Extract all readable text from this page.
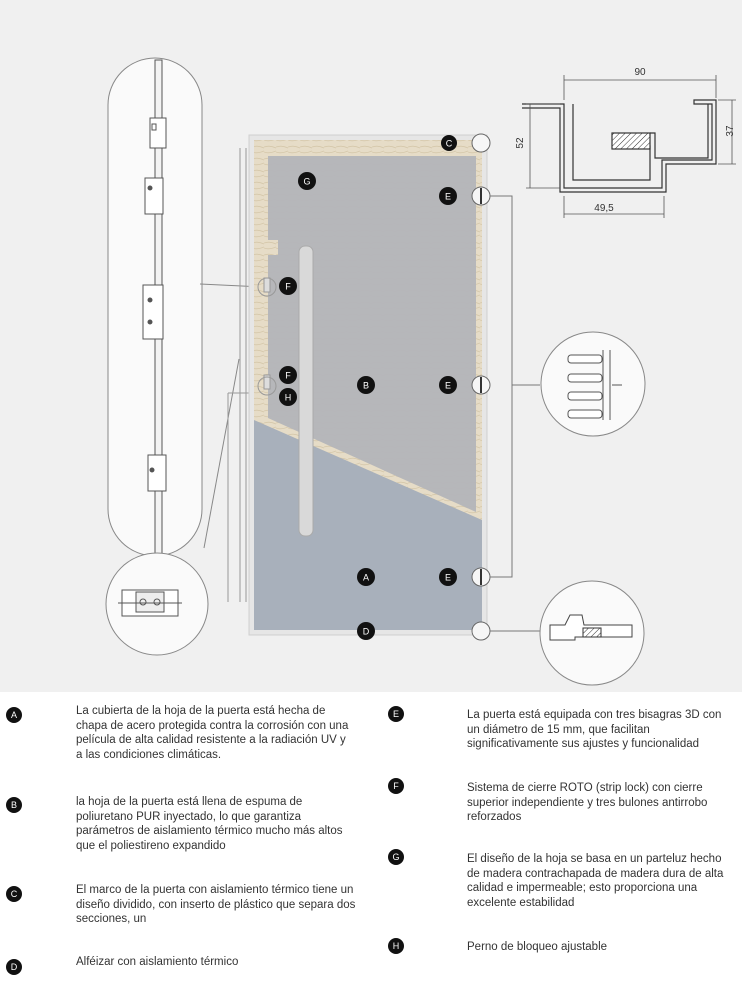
90
52
37
49,5
C
G
E
F
F
H
B	E
A	E
D
A	La cubierta de la hoja de la puerta está hecha de chapa de acero protegida contra la corrosión con una película de alta calidad resistente a la radiación UV y a las condiciones climáticas.
B	la hoja de la puerta está llena de espuma de poliuretano PUR inyectado, lo que garantiza parámetros de aislamiento térmico mucho más altos que el poliestireno expandido
C	El marco de la puerta con aislamiento térmico tiene un diseño dividido, con inserto de plástico que separa dos secciones, un
D	Alféizar con aislamiento térmico
E	La puerta está equipada con tres bisagras 3D con un diámetro de 15 mm, que facilitan significativamente sus ajustes y funcionalidad
F	Sistema de cierre ROTO (strip lock) con cierre superior independiente y tres bulones antirrobo reforzados
G	El diseño de la hoja se basa en un parteluz hecho de madera contrachapada de madera dura de alta calidad e impermeable; esto proporciona una excelente estabilidad
H	Perno de bloqueo ajustable
